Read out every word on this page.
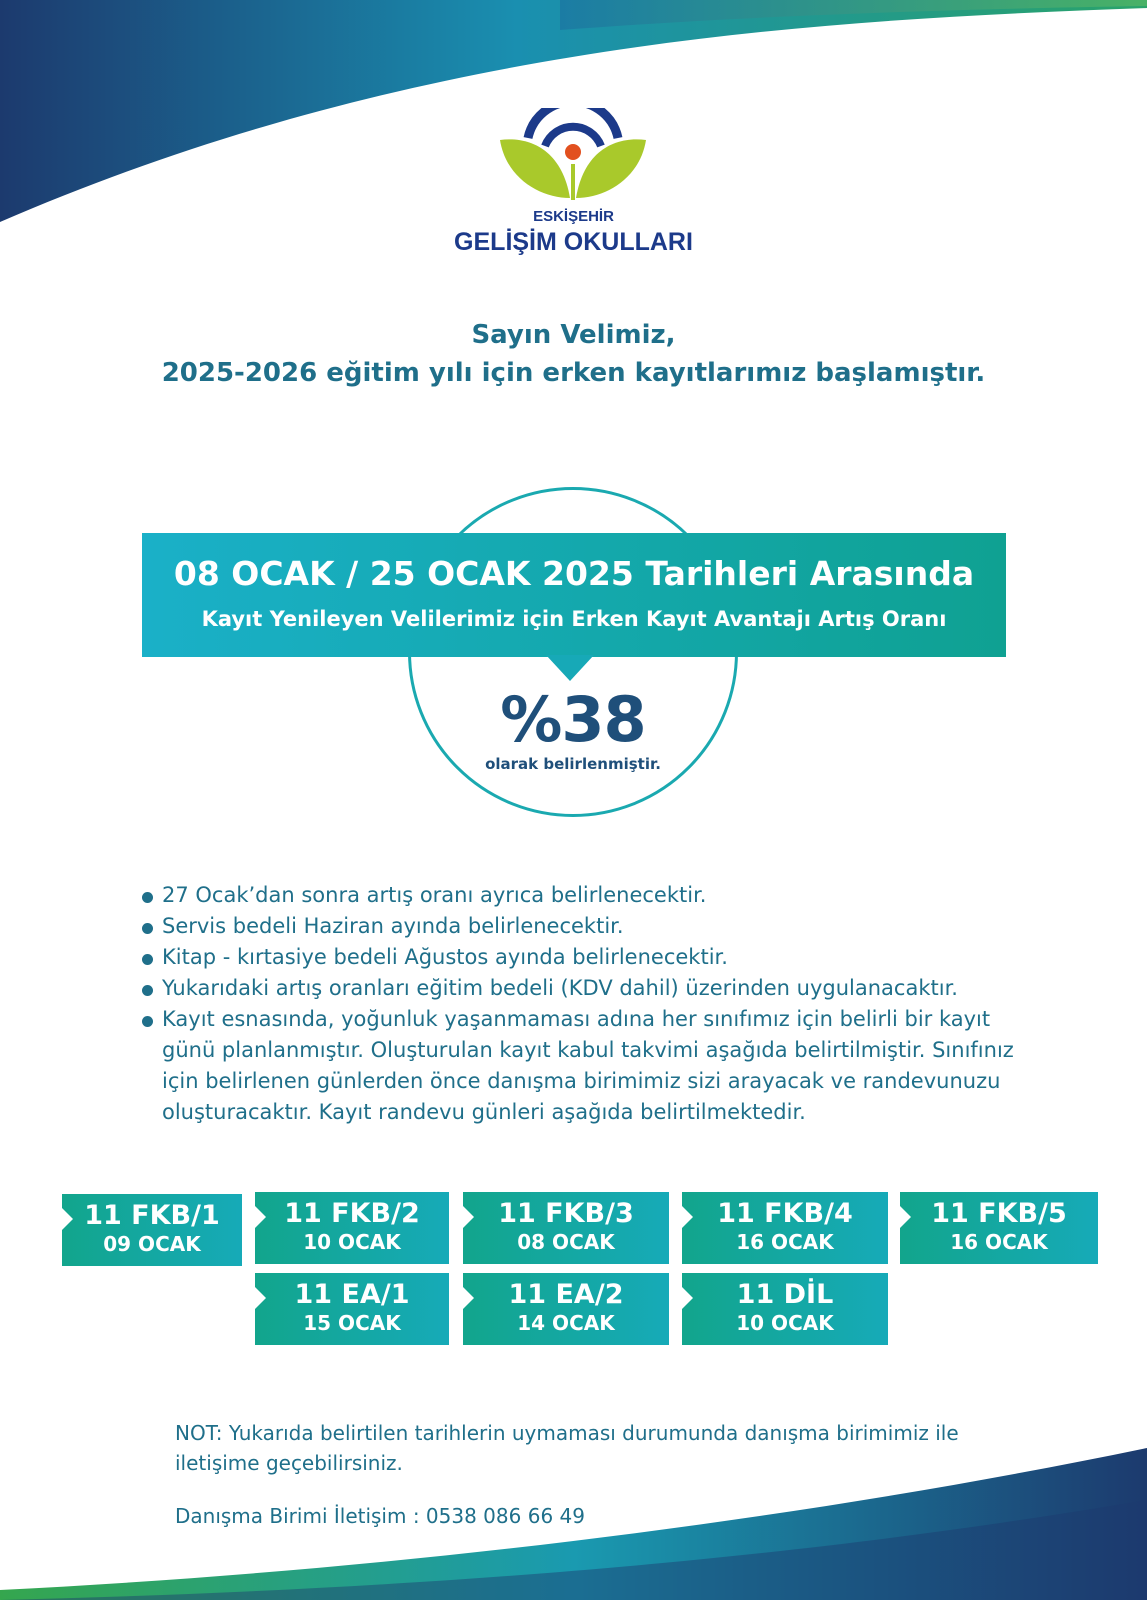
ESKİŞEHİR
GELİŞİM OKULLARI
Sayın Velimiz,
2025-2026 eğitim yılı için erken kayıtlarımız başlamıştır.
08 OCAK / 25 OCAK 2025 Tarihleri Arasında
Kayıt Yenileyen Velilerimiz için Erken Kayıt Avantajı Artış Oranı
%38
olarak belirlenmiştir.
27 Ocak’dan sonra artış oranı ayrıca belirlenecektir.
Servis bedeli Haziran ayında belirlenecektir.
Kitap - kırtasiye bedeli Ağustos ayında belirlenecektir.
Yukarıdaki artış oranları eğitim bedeli (KDV dahil) üzerinden uygulanacaktır.
Kayıt esnasında, yoğunluk yaşanmaması adına her sınıfımız için belirli bir kayıt günü planlanmıştır. Oluşturulan kayıt kabul takvimi aşağıda belirtilmiştir. Sınıfınız için belirlenen günlerden önce danışma birimimiz sizi arayacak ve randevunuzu oluşturacaktır. Kayıt randevu günleri aşağıda belirtilmektedir.
11 FKB/1
09 OCAK
11 FKB/2
10 OCAK
11 FKB/3
08 OCAK
11 FKB/4
16 OCAK
11 FKB/5
16 OCAK
11 EA/1
15 OCAK
11 EA/2
14 OCAK
11 DİL
10 OCAK
NOT: Yukarıda belirtilen tarihlerin uymaması durumunda danışma birimimiz ile iletişime geçebilirsiniz.
Danışma Birimi İletişim : 0538 086 66 49
